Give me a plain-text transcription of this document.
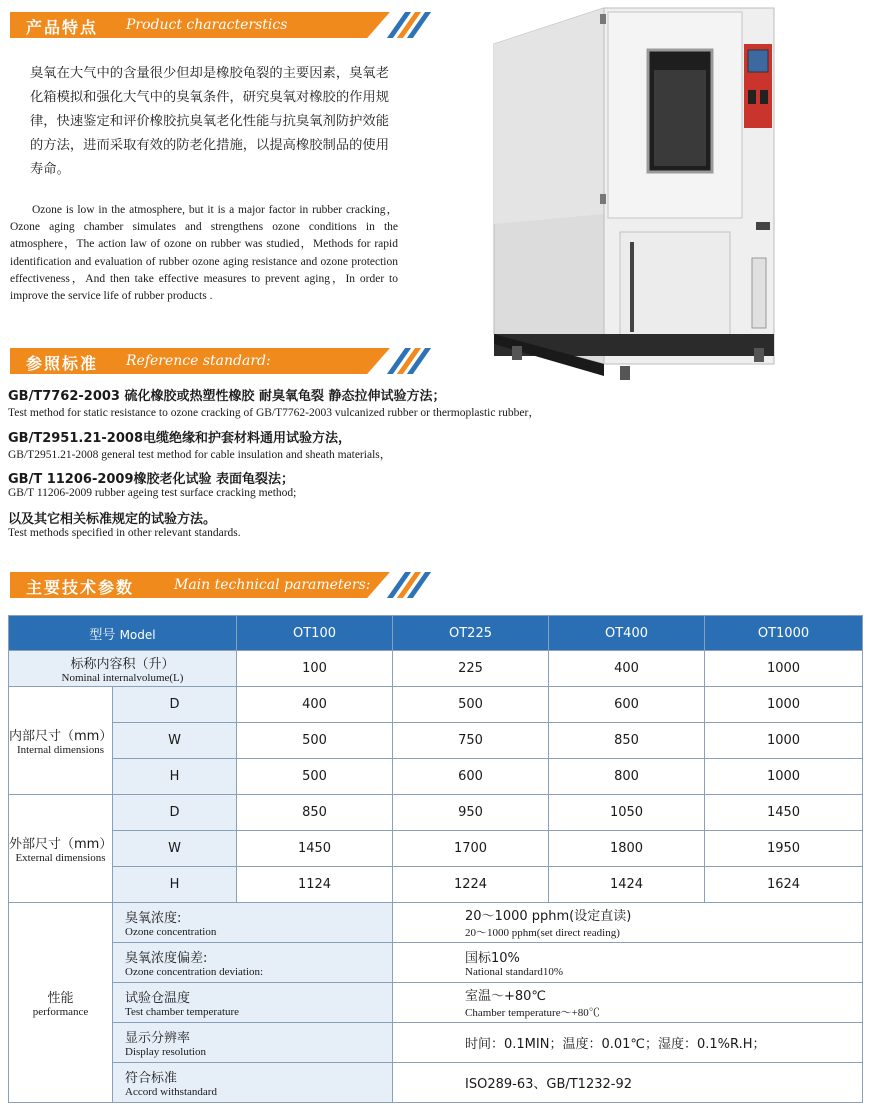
产品特点 Product characterstics
臭氧在大气中的含量很少但却是橡胶龟裂的主要因素，臭氧老化箱模拟和强化大气中的臭氧条件，研究臭氧对橡胶的作用规律，快速鉴定和评价橡胶抗臭氧老化性能与抗臭氧剂防护效能的方法，进而采取有效的防老化措施，以提高橡胶制品的使用寿命。
Ozone is low in the atmosphere, but it is a major factor in rubber cracking，Ozone aging chamber simulates and strengthens ozone conditions in the atmosphere，The action law of ozone on rubber was studied，Methods for rapid identification and evaluation of rubber ozone aging resistance and ozone protection effectiveness，And then take effective measures to prevent aging，In order to improve the service life of rubber products .
参照标准 Reference standard:
GB/T7762-2003 硫化橡胶或热塑性橡胶 耐臭氧龟裂 静态拉伸试验方法；
Test method for static resistance to ozone cracking of GB/T7762-2003 vulcanized rubber or thermoplastic rubber，
GB/T2951.21-2008电缆绝缘和护套材料通用试验方法，
GB/T2951.21-2008 general test method for cable insulation and sheath materials，
GB/T 11206-2009橡胶老化试验 表面龟裂法；
GB/T 11206-2009 rubber ageing test surface cracking method;
以及其它相关标准规定的试验方法。
Test methods specified in other relevant standards.
主要技术参数	Main technical parameters:
型号 Model		OT100	OT225	OT400	OT1000

标称内容积（升）
Nominal internalvolume(L)		100	225	400	1000

内部尺寸（mm）
Internal dimensions	D	400	500	600	1000
	W	500	750	850	1000
	H	500	600	800	1000

外部尺寸（mm）
External dimensions	D	850	950	1050	1450
	W	1450	1700	1800	1950
	H	1124	1224	1424	1624

性能
performance	臭氧浓度:
Ozone concentration		20～1000 pphm(设定直读)
20～1000 pphm(set direct reading)		

	臭氧浓度偏差:
Ozone concentration deviation:		国标10%
National standard10%		

	试验仓温度
Test chamber temperature		室温～+80℃
Chamber temperature～+80℃		

	显示分辨率
Display resolution		时间：0.1MIN；温度：0.01℃；湿度：0.1%R.H；		

	符合标准
Accord withstandard		ISO289-63、GB/T1232-92		
